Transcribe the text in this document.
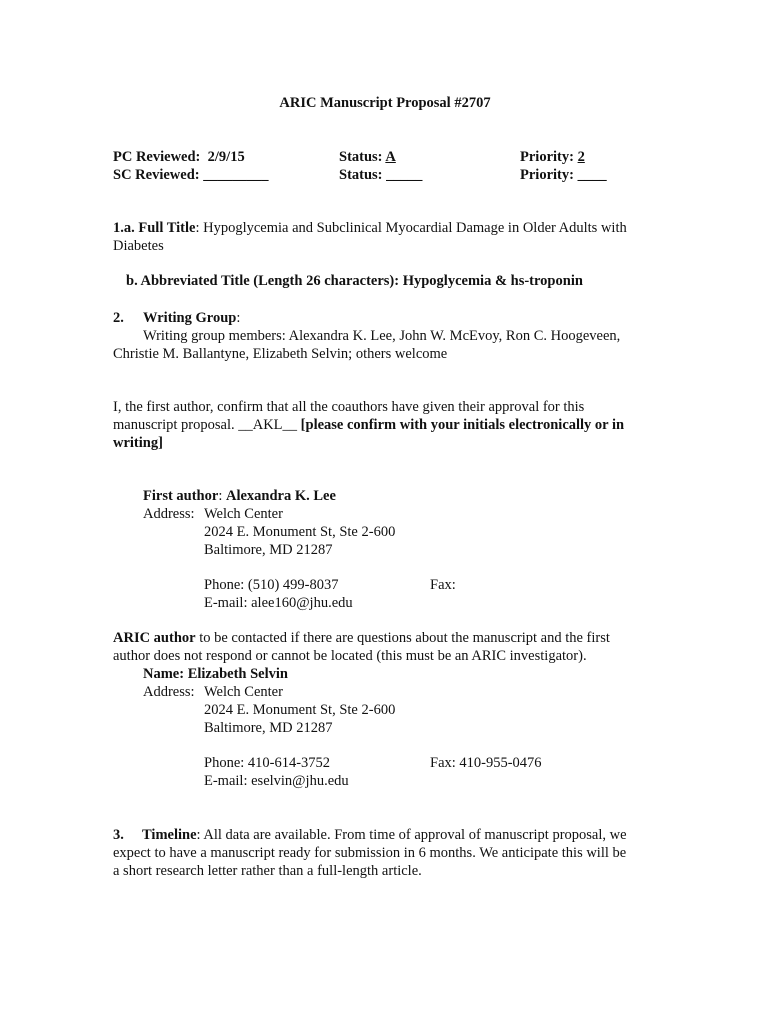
ARIC Manuscript Proposal #2707
PC Reviewed: 2/9/15
SC Reviewed: _________
Status: A
Status: _____
Priority: 2
Priority: ____
1.a. Full Title: Hypoglycemia and Subclinical Myocardial Damage in Older Adults with
Diabetes
b. Abbreviated Title (Length 26 characters): Hypoglycemia & hs-troponin
2. Writing Group:
Writing group members: Alexandra K. Lee, John W. McEvoy, Ron C. Hoogeveen,
Christie M. Ballantyne, Elizabeth Selvin; others welcome
I, the first author, confirm that all the coauthors have given their approval for this
manuscript proposal. __AKL__ [please confirm with your initials electronically or in
writing]
First author: Alexandra K. Lee
Address: Welch Center
2024 E. Monument St, Ste 2-600
Baltimore, MD 21287
Phone: (510) 499-8037	Fax:
E-mail: alee160@jhu.edu
ARIC author to be contacted if there are questions about the manuscript and the first
author does not respond or cannot be located (this must be an ARIC investigator).
Name: Elizabeth Selvin
Address: Welch Center
2024 E. Monument St, Ste 2-600
Baltimore, MD 21287
Phone: 410-614-3752	Fax: 410-955-0476
E-mail: eselvin@jhu.edu
3. Timeline: All data are available. From time of approval of manuscript proposal, we
expect to have a manuscript ready for submission in 6 months. We anticipate this will be
a short research letter rather than a full-length article.
